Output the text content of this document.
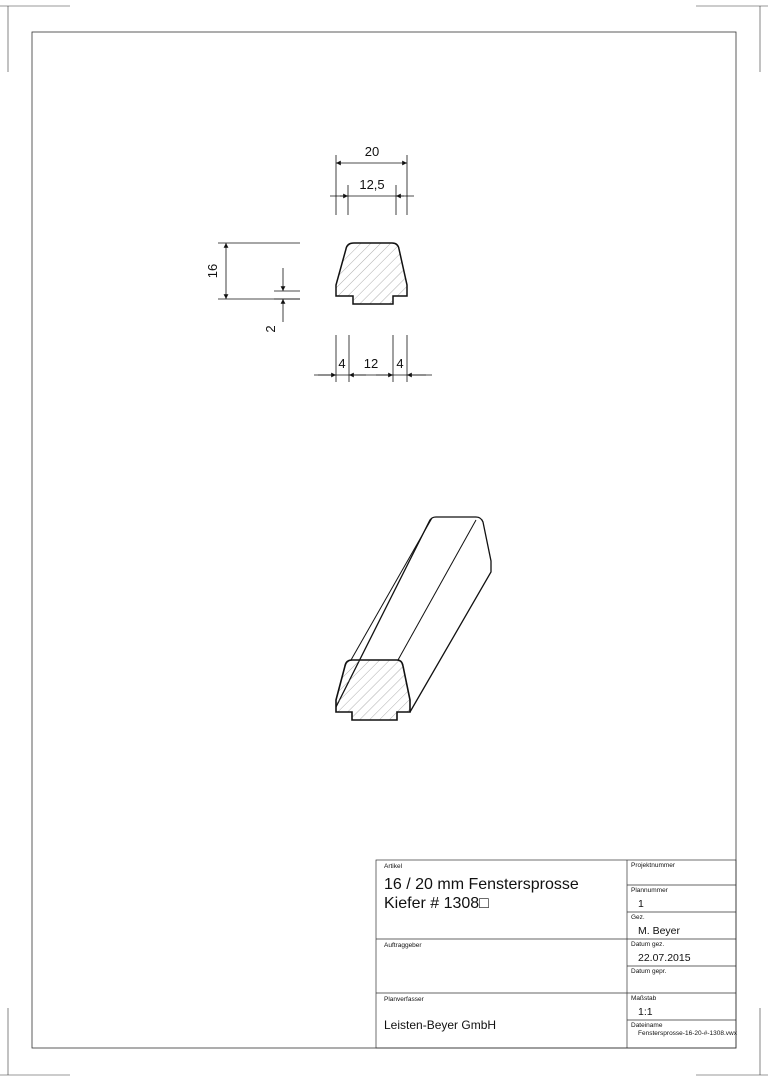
20
12,5
16
2
4 12 4
Artikel
16 / 20 mm Fenstersprosse
Kiefer # 1308□
Projektnummer
Plannummer
1
Gez.
M. Beyer
Auftraggeber	Datum gez.
22.07.2015
Datum gepr.
Planverfasser
Leisten-Beyer GmbH
Maßstab
1:1
Dateiname
Fenstersprosse-16-20-#-1308.vwx
